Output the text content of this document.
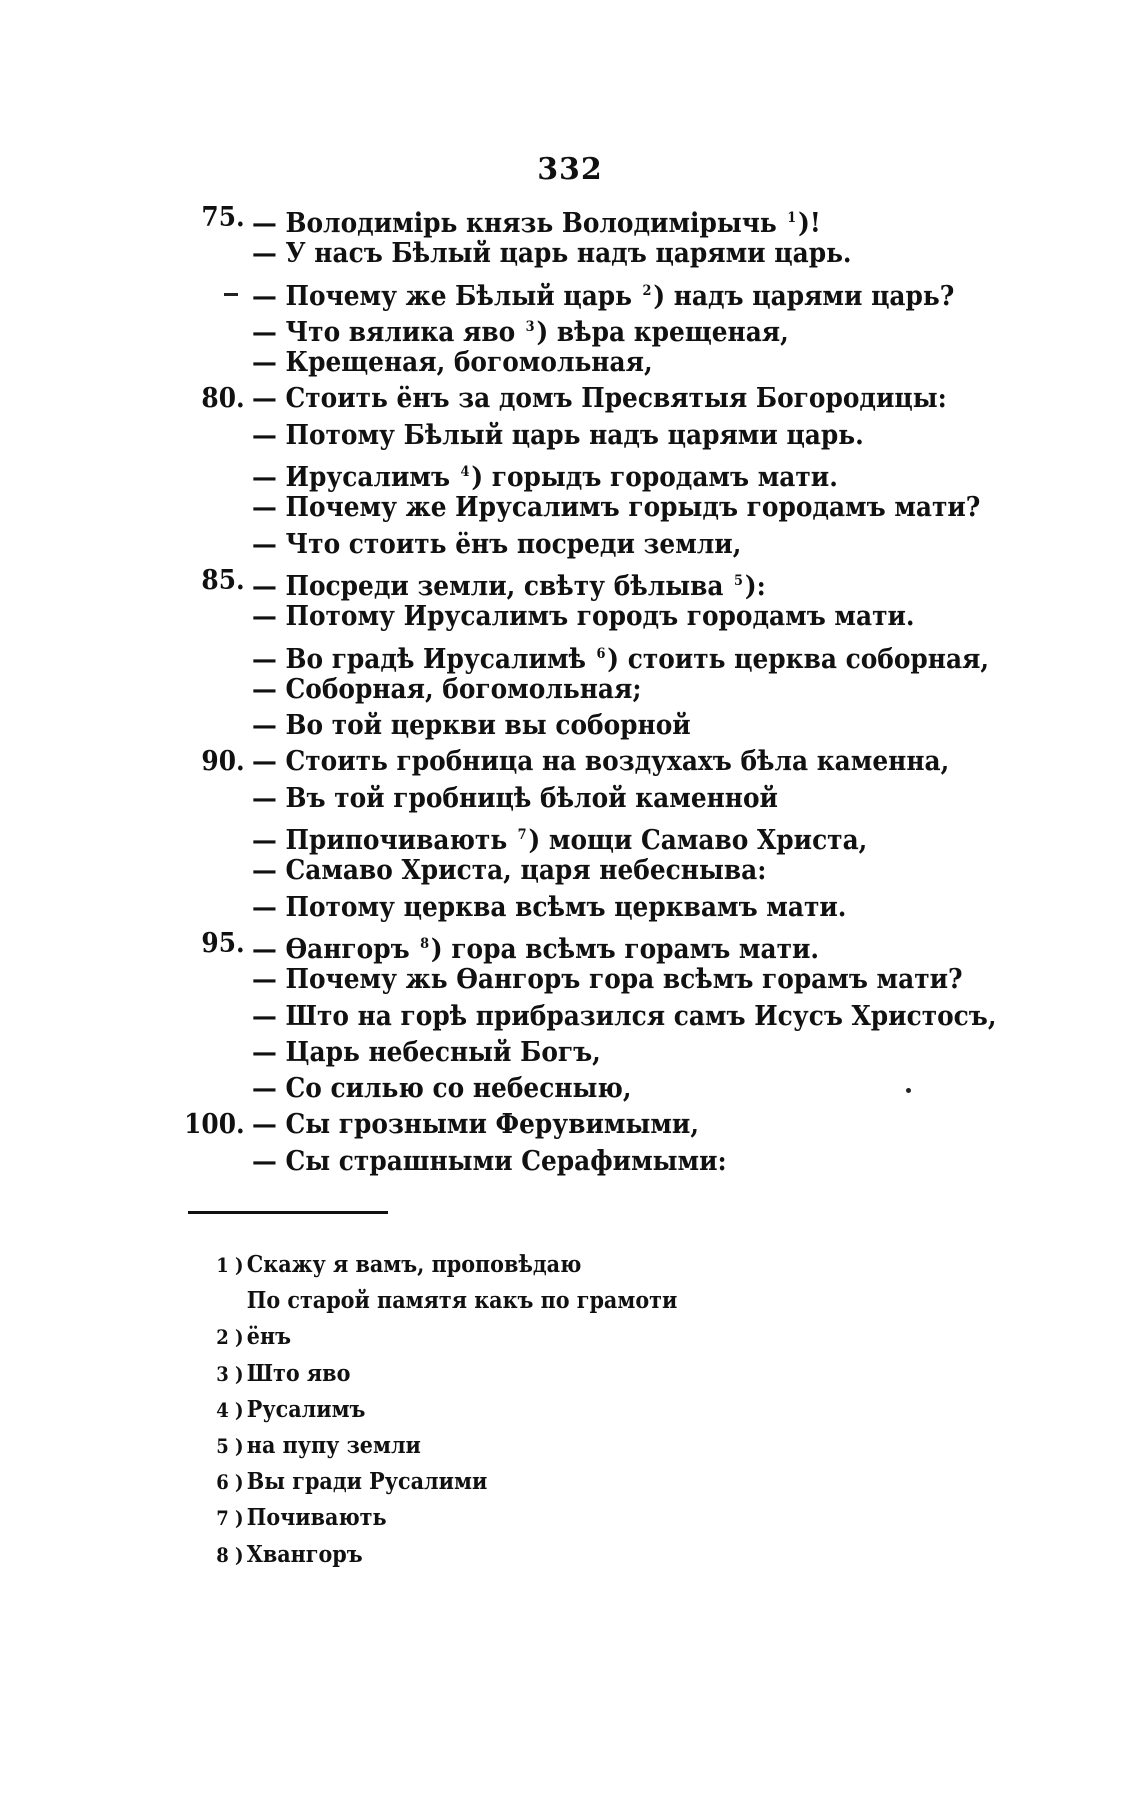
332
75. — Володимірь князь Володимірычь $^1$)!
— У насъ Бѣлый царь надъ царями царь.
— Почему же Бѣлый царь $^2$) надъ царями царь?
— Что вялика яво $^3$) вѣра крещеная,
— Крещеная, богомольная,
80. — Стоить ёнъ за домъ Пресвятыя Богородицы:
— Потому Бѣлый царь надъ царями царь.
— Ирусалимъ $^4$) горыдъ городамъ мати.
— Почему же Ирусалимъ горыдъ городамъ мати?
— Что стоить ёнъ посреди земли,
85. — Посреди земли, свѣту бѣлыва $^5$):
— Потому Ирусалимъ городъ городамъ мати.
— Во градѣ Ирусалимѣ $^6$) стоить церква соборная,
— Соборная, богомольная;
— Во той церкви вы соборной
90. — Стоить гробница на воздухахъ бѣла каменна,
— Въ той гробницѣ бѣлой каменной
— Припочивають $^7$) мощи Самаво Христа,
— Самаво Христа, царя небесныва:
— Потому церква всѣмъ церквамъ мати.
95. — Ѳангоръ $^8$) гора всѣмъ горамъ мати.
— Почему жь Ѳангоръ гора всѣмъ горамъ мати?
— Што на горѣ прибразился самъ Исусъ Христосъ,
— Царь небесный Богъ,
— Со силью со небесныю,
100. — Сы грозными Ферувимыми,
— Сы страшными Серафимыми:
1 ) Скажу я вамъ, проповѣдаю
По старой памятя какъ по грамоти
2 ) ёнъ
3 ) Што яво
4 ) Русалимъ
5 ) на пупу земли
6 ) Вы гради Русалими
7 ) Почивають
8 ) Хвангоръ
